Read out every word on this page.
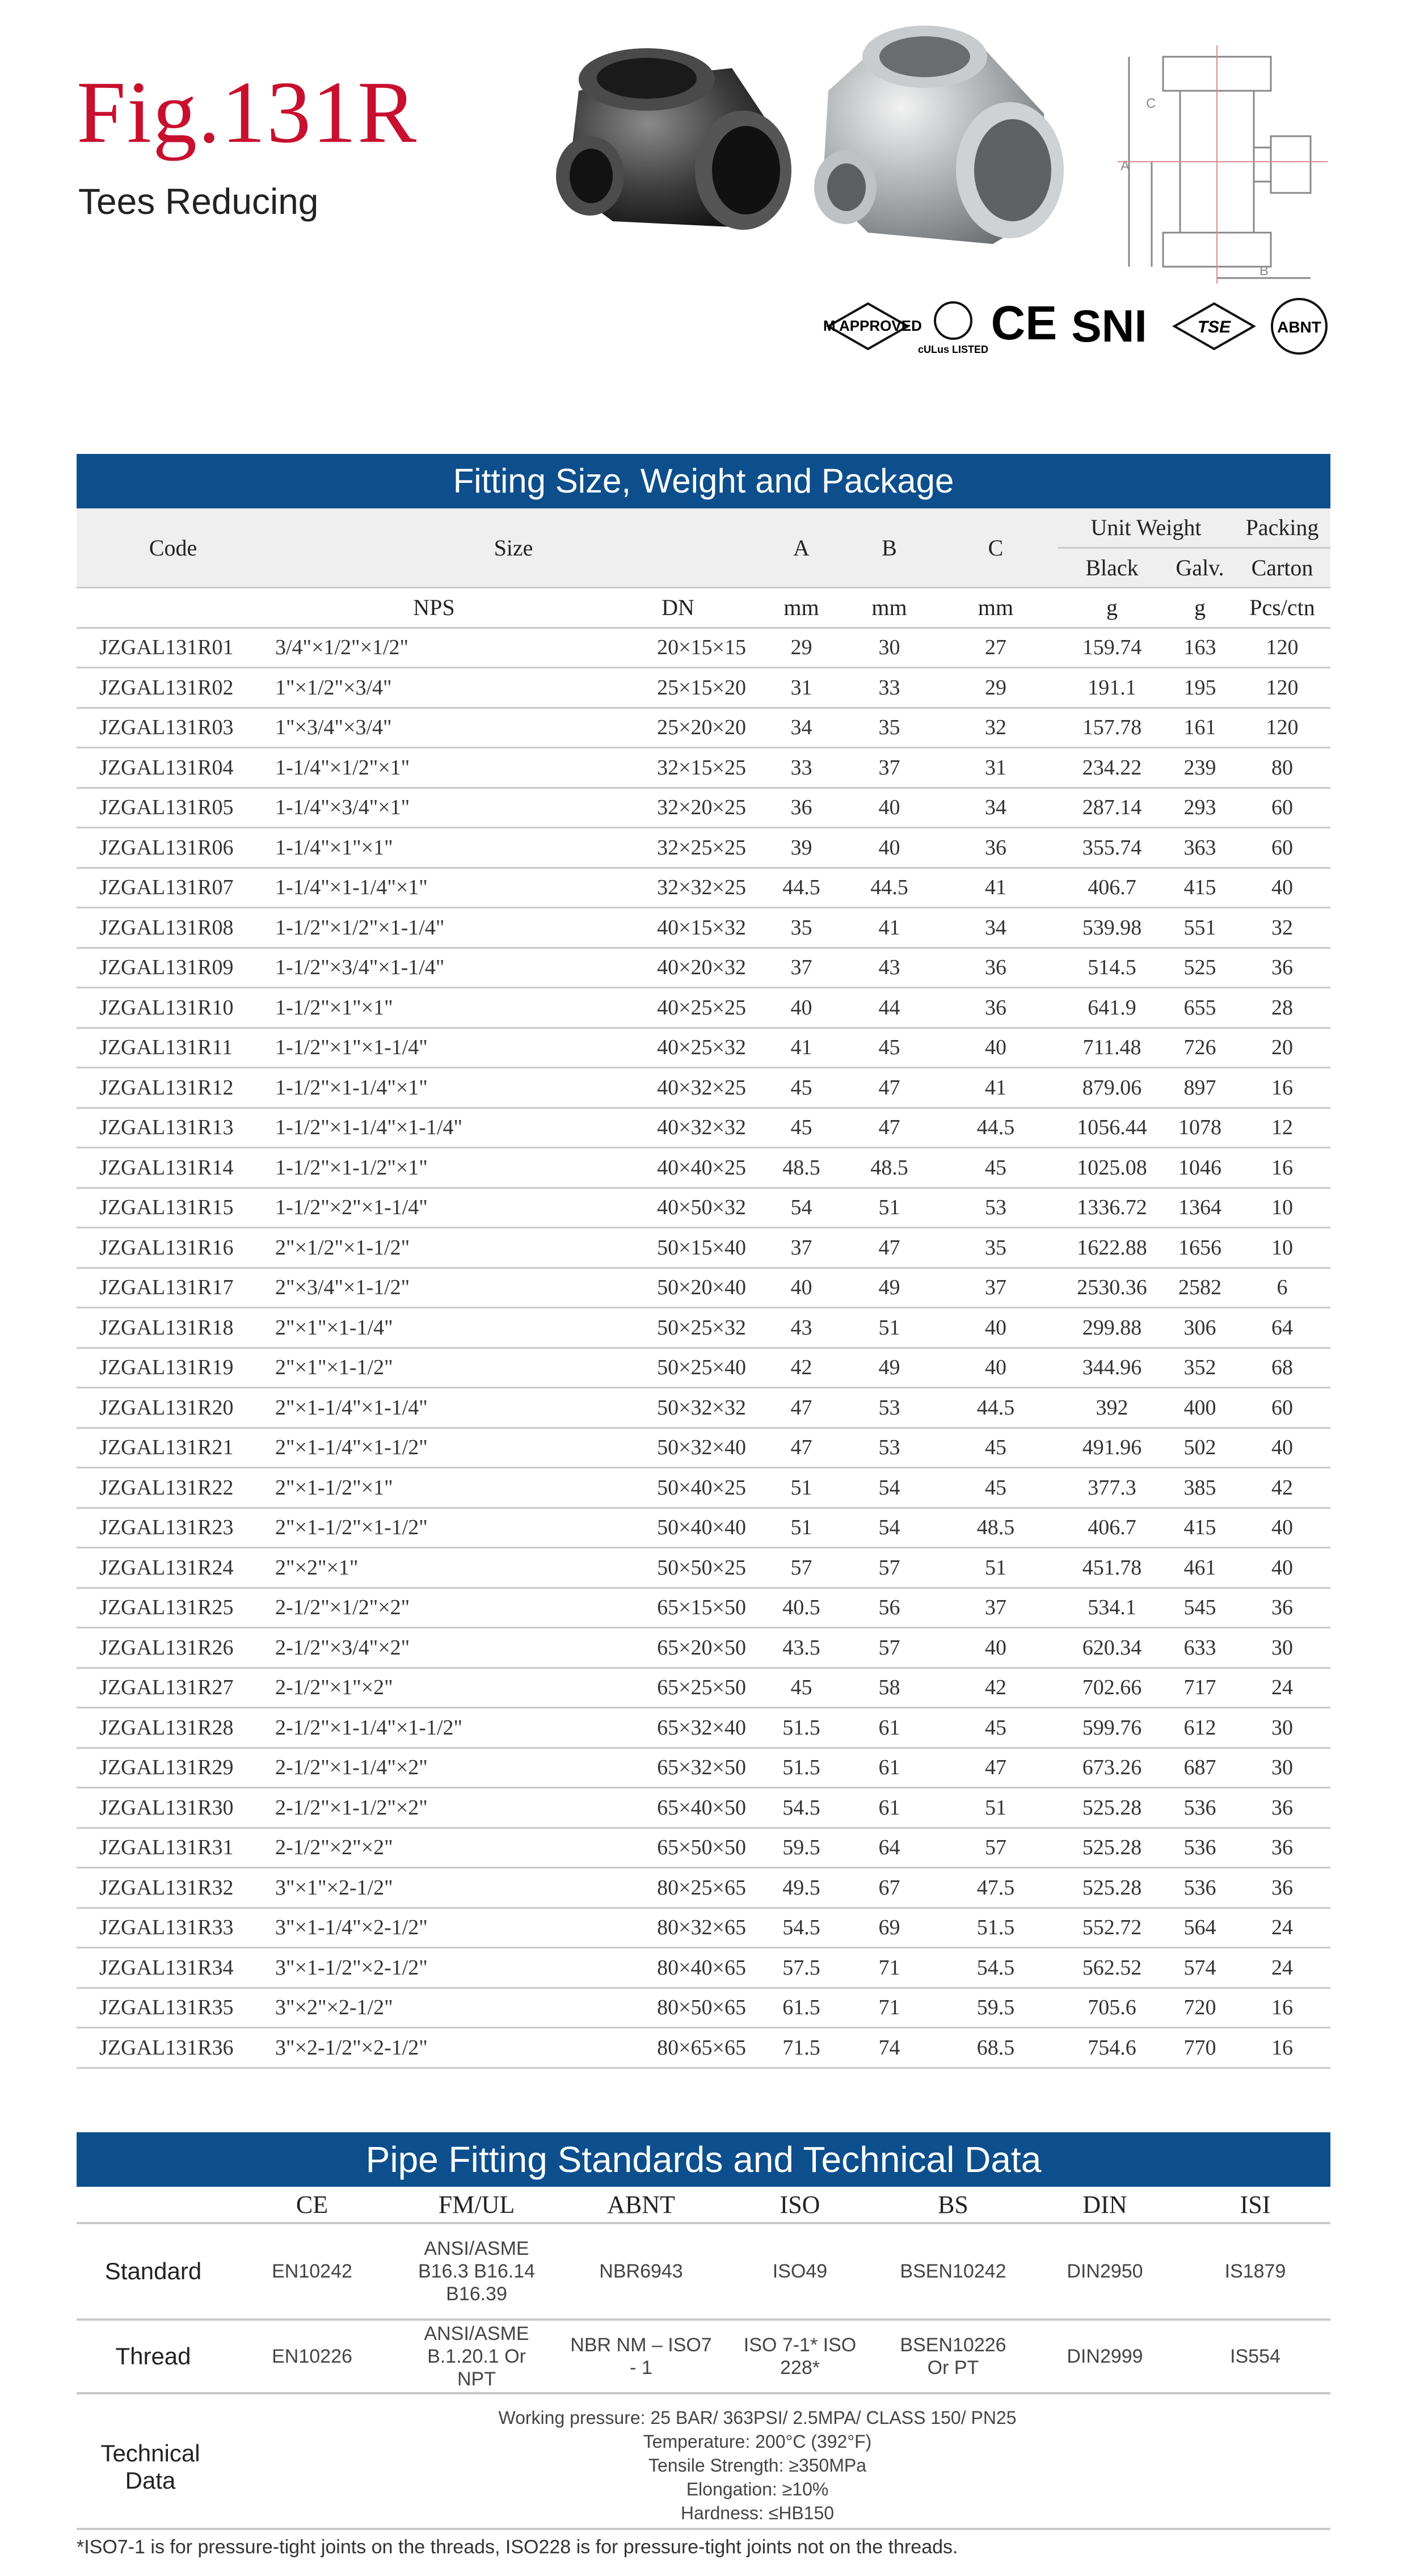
Fig.131R
Tees Reducing
A
C
B
FM APPROVED
cULus LISTED CE SNI	TSE	ABNT
Fitting Size, Weight and Package
Code	Size		A	B	C	Unit Weight		Packing
						Black	Galv.	Carton
	NPS	DN	mm	mm	mm	g	g	Pcs/ctn
JZGAL131R01	3/4"×1/2"×1/2"	20×15×15	29	30	27	159.74	163	120
JZGAL131R02	1"×1/2"×3/4"	25×15×20	31	33	29	191.1	195	120
JZGAL131R03	1"×3/4"×3/4"	25×20×20	34	35	32	157.78	161	120
JZGAL131R04	1-1/4"×1/2"×1"	32×15×25	33	37	31	234.22	239	80
JZGAL131R05	1-1/4"×3/4"×1"	32×20×25	36	40	34	287.14	293	60
JZGAL131R06	1-1/4"×1"×1"	32×25×25	39	40	36	355.74	363	60
JZGAL131R07	1-1/4"×1-1/4"×1"	32×32×25	44.5	44.5	41	406.7	415	40
JZGAL131R08	1-1/2"×1/2"×1-1/4"	40×15×32	35	41	34	539.98	551	32
JZGAL131R09	1-1/2"×3/4"×1-1/4"	40×20×32	37	43	36	514.5	525	36
JZGAL131R10	1-1/2"×1"×1"	40×25×25	40	44	36	641.9	655	28
JZGAL131R11	1-1/2"×1"×1-1/4"	40×25×32	41	45	40	711.48	726	20
JZGAL131R12	1-1/2"×1-1/4"×1"	40×32×25	45	47	41	879.06	897	16
JZGAL131R13	1-1/2"×1-1/4"×1-1/4"	40×32×32	45	47	44.5	1056.44	1078	12
JZGAL131R14	1-1/2"×1-1/2"×1"	40×40×25	48.5	48.5	45	1025.08	1046	16
JZGAL131R15	1-1/2"×2"×1-1/4"	40×50×32	54	51	53	1336.72	1364	10
JZGAL131R16	2"×1/2"×1-1/2"	50×15×40	37	47	35	1622.88	1656	10
JZGAL131R17	2"×3/4"×1-1/2"	50×20×40	40	49	37	2530.36	2582	6
JZGAL131R18	2"×1"×1-1/4"	50×25×32	43	51	40	299.88	306	64
JZGAL131R19	2"×1"×1-1/2"	50×25×40	42	49	40	344.96	352	68
JZGAL131R20	2"×1-1/4"×1-1/4"	50×32×32	47	53	44.5	392	400	60
JZGAL131R21	2"×1-1/4"×1-1/2"	50×32×40	47	53	45	491.96	502	40
JZGAL131R22	2"×1-1/2"×1"	50×40×25	51	54	45	377.3	385	42
JZGAL131R23	2"×1-1/2"×1-1/2"	50×40×40	51	54	48.5	406.7	415	40
JZGAL131R24	2"×2"×1"	50×50×25	57	57	51	451.78	461	40
JZGAL131R25	2-1/2"×1/2"×2"	65×15×50	40.5	56	37	534.1	545	36
JZGAL131R26	2-1/2"×3/4"×2"	65×20×50	43.5	57	40	620.34	633	30
JZGAL131R27	2-1/2"×1"×2"	65×25×50	45	58	42	702.66	717	24
JZGAL131R28	2-1/2"×1-1/4"×1-1/2"	65×32×40	51.5	61	45	599.76	612	30
JZGAL131R29	2-1/2"×1-1/4"×2"	65×32×50	51.5	61	47	673.26	687	30
JZGAL131R30	2-1/2"×1-1/2"×2"	65×40×50	54.5	61	51	525.28	536	36
JZGAL131R31	2-1/2"×2"×2"	65×50×50	59.5	64	57	525.28	536	36
JZGAL131R32	3"×1"×2-1/2"	80×25×65	49.5	67	47.5	525.28	536	36
JZGAL131R33	3"×1-1/4"×2-1/2"	80×32×65	54.5	69	51.5	552.72	564	24
JZGAL131R34	3"×1-1/2"×2-1/2"	80×40×65	57.5	71	54.5	562.52	574	24
JZGAL131R35	3"×2"×2-1/2"	80×50×65	61.5	71	59.5	705.6	720	16
JZGAL131R36	3"×2-1/2"×2-1/2"	80×65×65	71.5	74	68.5	754.6	770	16
Pipe Fitting Standards and Technical Data
	CE	FM/UL	ABNT	ISO	BS	DIN	ISI
Standard	EN10242	ANSI/ASME B16.3 B16.14 B16.39	NBR6943	ISO49	BSEN10242	DIN2950	IS1879
Thread	EN10226	ANSI/ASME B.1.20.1 Or NPT	NBR NM – ISO7 - 1	ISO 7-1* ISO 228*	BSEN10226 Or PT	DIN2999	IS554
Technical Data
Working pressure: 25 BAR/ 363PSI/ 2.5MPA/ CLASS 150/ PN25
Temperature: 200°C (392°F)
Tensile Strength: ≥350MPa
Elongation: ≥10%
Hardness: ≤HB150
*ISO7-1 is for pressure-tight joints on the threads, ISO228 is for pressure-tight joints not on the threads.
